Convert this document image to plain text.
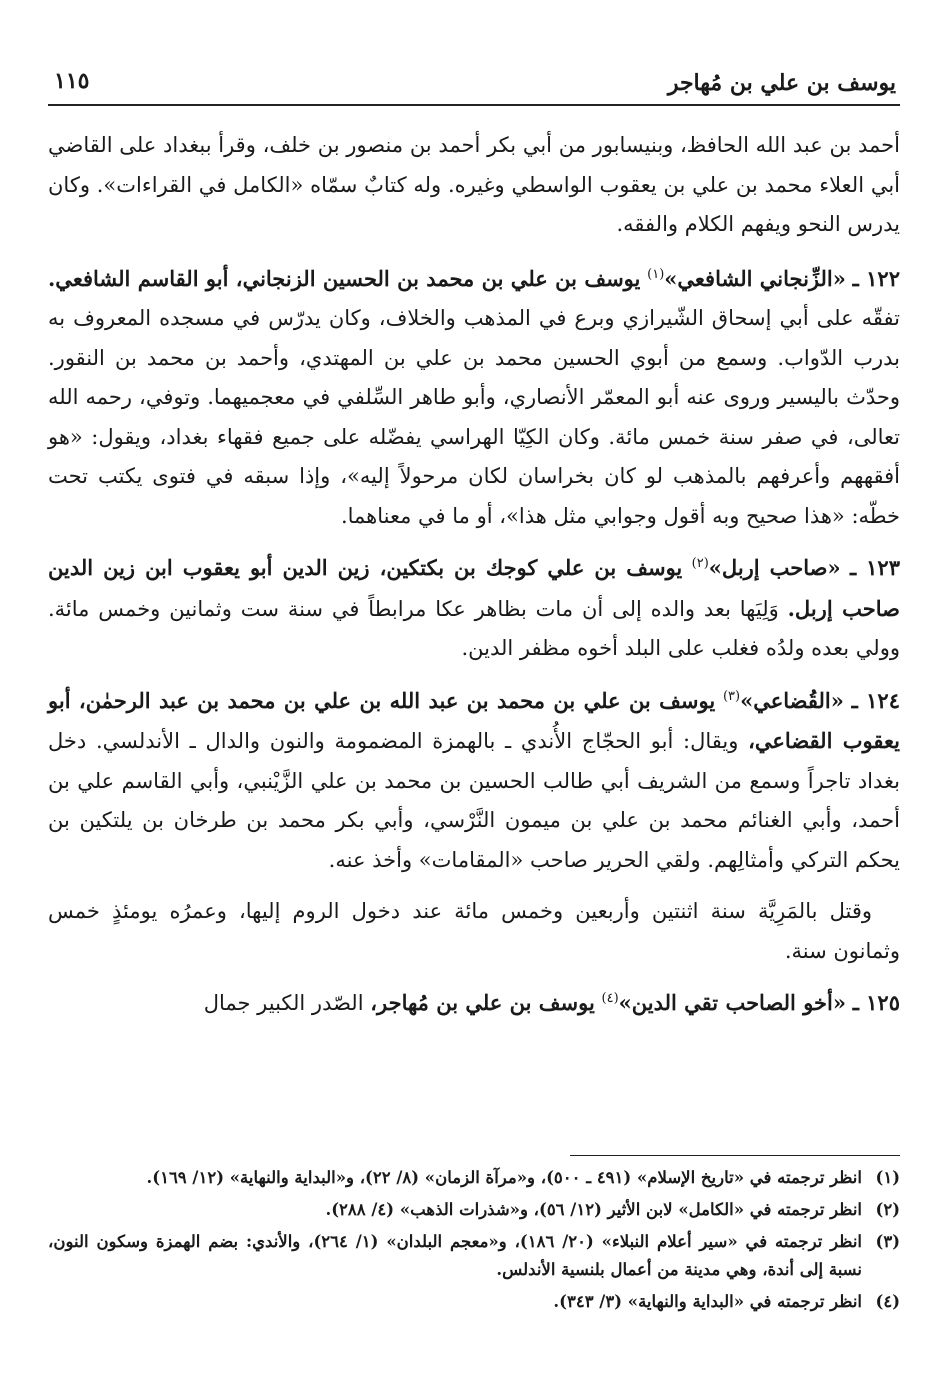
يوسف بن علي بن مُهاجر
١١٥

أحمد بن عبد الله الحافظ، وبنيسابور من أبي بكر أحمد بن منصور بن خلف، وقرأ ببغداد على القاضي أبي العلاء محمد بن علي بن يعقوب الواسطي وغيره. وله كتابٌ سمّاه «الكامل في القراءات». وكان يدرس النحو ويفهم الكلام والفقه.

١٢٢ ـ «الزِّنجاني الشافعي»$^{(١)}$ يوسف بن علي بن محمد بن الحسين الزنجاني، أبو القاسم الشافعي. تفقّه على أبي إسحاق الشّيرازي وبرع في المذهب والخلاف، وكان يدرّس في مسجده المعروف به بدرب الدّواب. وسمع من أبوي الحسين محمد بن علي بن المهتدي، وأحمد بن محمد بن النقور. وحدّث باليسير وروى عنه أبو المعمّر الأنصاري، وأبو طاهر السِّلفي في معجميهما. وتوفي، رحمه الله تعالى، في صفر سنة خمس مائة. وكان الكِيّا الهراسي يفضّله على جميع فقهاء بغداد، ويقول: «هو أفقههم وأعرفهم بالمذهب لو كان بخراسان لكان مرحولاً إليه»، وإذا سبقه في فتوى يكتب تحت خطّه: «هذا صحيح وبه أقول وجوابي مثل هذا»، أو ما في معناهما.

١٢٣ ـ «صاحب إربل»$^{(٢)}$ يوسف بن علي كوجك بن بكتكين، زين الدين أبو يعقوب ابن زين الدين صاحب إربل. وَلِيَها بعد والده إلى أن مات بظاهر عكا مرابطاً في سنة ست وثمانين وخمس مائة. وولي بعده ولدُه فغلب على البلد أخوه مظفر الدين.

١٢٤ ـ «القُضاعي»$^{(٣)}$ يوسف بن علي بن محمد بن عبد الله بن علي بن محمد بن عبد الرحمٰن، أبو يعقوب القضاعي، ويقال: أبو الحجّاج الأُندي ـ بالهمزة المضمومة والنون والدال ـ الأندلسي. دخل بغداد تاجراً وسمع من الشريف أبي طالب الحسين بن محمد بن علي الزَّيْنبي، وأبي القاسم علي بن أحمد، وأبي الغنائم محمد بن علي بن ميمون النَّرْسي، وأبي بكر محمد بن طرخان بن يلتكين بن يحكم التركي وأمثالِهم. ولقي الحرير صاحب «المقامات» وأخذ عنه.

وقتل بالمَرِيَّة سنة اثنتين وأربعين وخمس مائة عند دخول الروم إليها، وعمرُه يومئذٍ خمس وثمانون سنة.

١٢٥ ـ «أخو الصاحب تقي الدين»$^{(٤)}$ يوسف بن علي بن مُهاجر، الصّدر الكبير جمال

(١)
انظر ترجمته في «تاريخ الإسلام» (٤٩١ ـ ٥٠٠)، و«مرآة الزمان» (٨/ ٢٢)، و«البداية والنهاية» (١٢/ ١٦٩).
(٢)
انظر ترجمته في «الكامل» لابن الأثير (١٢/ ٥٦)، و«شذرات الذهب» (٤/ ٢٨٨).
(٣)
انظر ترجمته في «سير أعلام النبلاء» (٢٠/ ١٨٦)، و«معجم البلدان» (١/ ٢٦٤)، والأندي: بضم الهمزة وسكون النون، نسبة إلى أندة، وهي مدينة من أعمال بلنسية الأندلس.
(٤)
انظر ترجمته في «البداية والنهاية» (٣/ ٣٤٣).
